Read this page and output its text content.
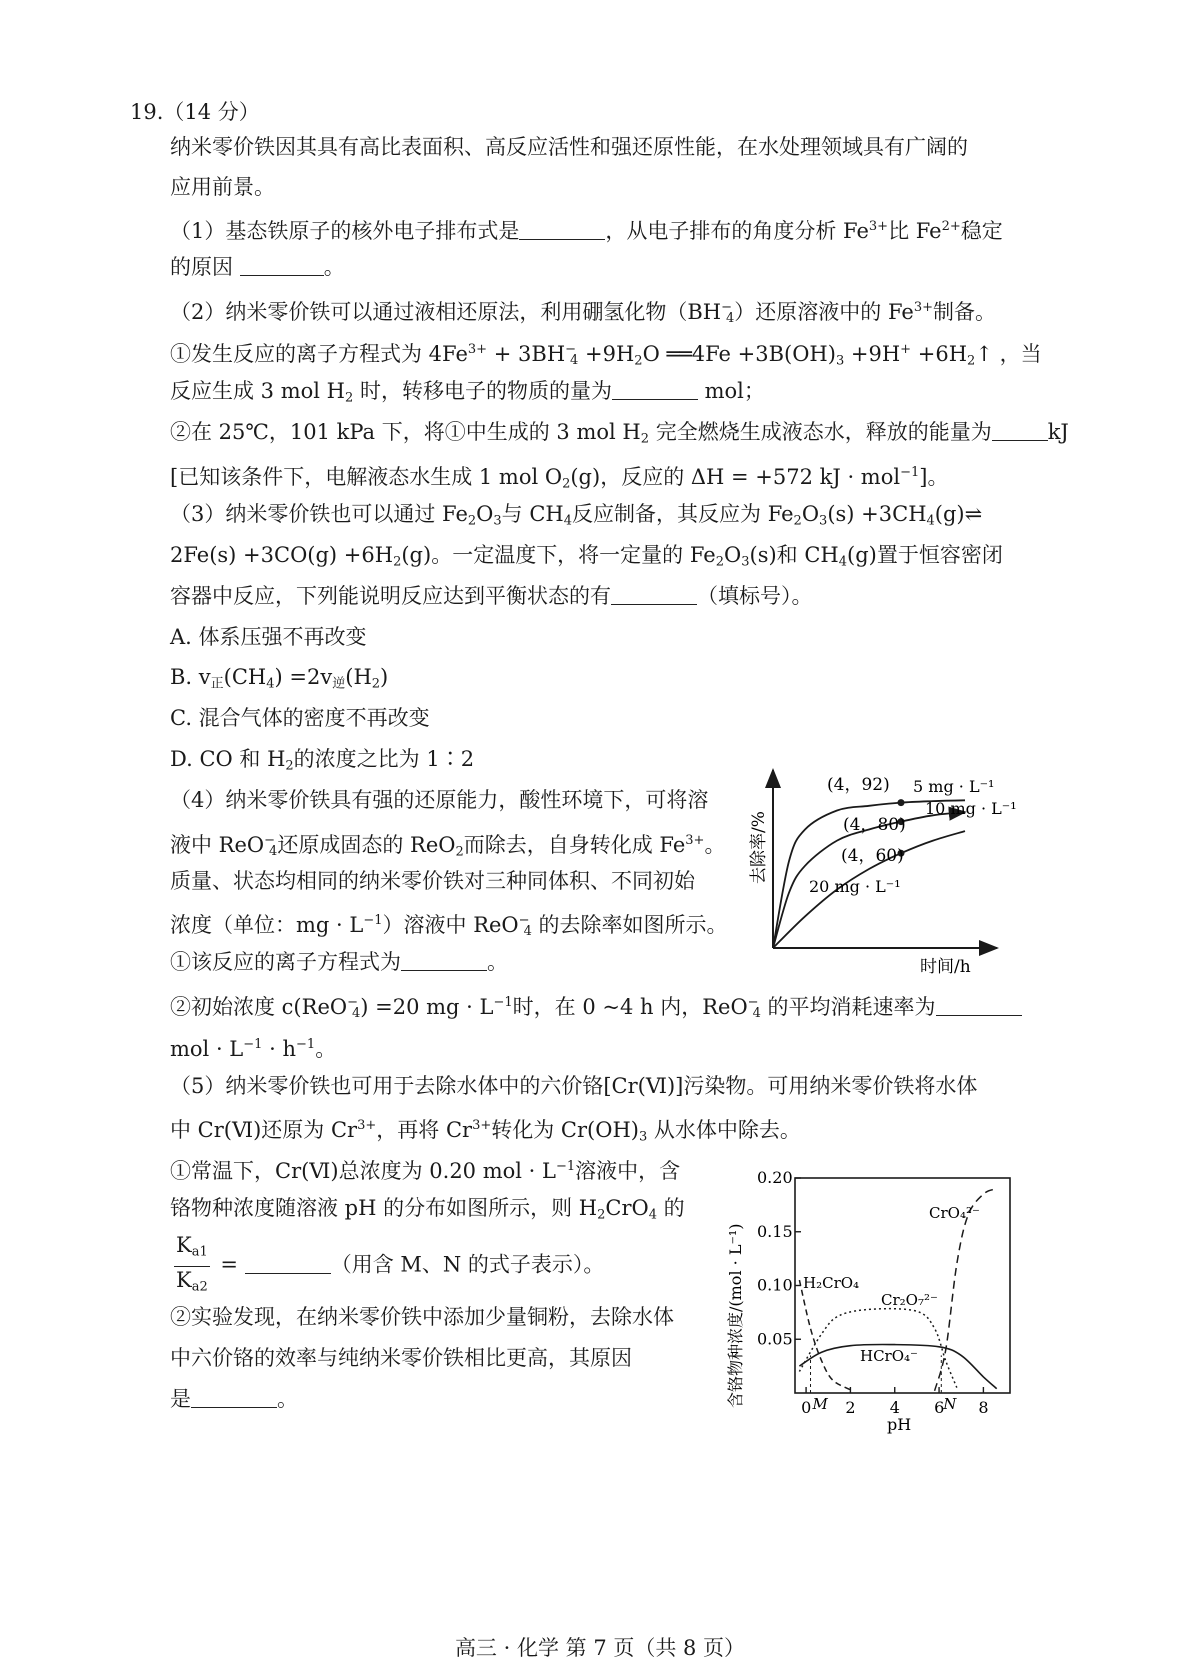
19.（14 分）
纳米零价铁因其具有高比表面积、高反应活性和强还原性能，在水处理领域具有广阔的
应用前景。
（1）基态铁原子的核外电子排布式是	，从电子排布的角度分析 $Fe^{3+}$比 $Fe^{2+}$稳定
的原因	。
（2）纳米零价铁可以通过液相还原法，利用硼氢化物$(BH^-_4)$还原溶液中的 $Fe^{3+}$制备。
①发生反应的离子方程式为 $4Fe^{3+} + 3BH^-_4 +9H_2O$ ══4Fe $+3B(OH)_3 +9H^+$ $+6H_2↑$ ，当
反应生成 3 mol $H_2$ 时，转移电子的物质的量为	mol；
②在 25℃，101 kPa 下，将①中生成的 3 mol $H_2$ 完全燃烧生成液态水，释放的能量为	kJ
[已知该条件下，电解液态水生成 1 mol $O_2(g)$，反应的 ΔH = +572 kJ · mol$^{-1}$]。
（3）纳米零价铁也可以通过 $Fe_2O_3$与 $CH_4$反应制备，其反应为 $Fe_2O_3(s)$ $+3CH_4(g)\rightleftharpoons$
$2Fe(s) +3CO(g) +6H_2(g)$。一定温度下，将一定量的 $Fe_2O_3(s)$和 $CH_4(g)$置于恒容密闭
容器中反应，下列能说明反应达到平衡状态的有	（填标号）。
A. 体系压强不再改变
B. $v_正(CH_4) =2v_逆(H_2)$
C. 混合气体的密度不再改变
D. CO 和 $H_2$的浓度之比为 1∶2
（4）纳米零价铁具有强的还原能力，酸性环境下，可将溶
液中 ReO−$_4$还原成固态的 ReO$_2$而除去，自身转化成 $Fe^{3+}$。
质量、状态均相同的纳米零价铁对三种同体积、不同初始
浓度（单位：mg · $L^{-1}$）溶液中 ReO−$_4$ 的去除率如图所示。
①该反应的离子方程式为	。
②初始浓度 c(ReO−$_4$) =20 mg · $L^{-1}$时，在 0 ~4 h 内，ReO−$_4$ 的平均消耗速率为
mol · $L^{-1} \cdot h^{-1}$。
（5）纳米零价铁也可用于去除水体中的六价铬[Cr(Ⅵ)]污染物。可用纳米零价铁将水体
中 Cr(Ⅵ)还原为 $Cr^{3+}$，再将 $Cr^{3+}$转化为 $Cr(OH)_3$ 从水体中除去。
①常温下，Cr(Ⅵ)总浓度为 0.20 mol · $L^{-1}$溶液中，含
铬物种浓度随溶液 pH 的分布如图所示，则 $H_2CrO_4$ 的
$\frac{K_{a1}}{K_{a2}}$ =	（用含 M、N 的式子表示）。
②实验发现，在纳米零价铁中添加少量铜粉，去除水体
中六价铬的效率与纯纳米零价铁相比更高，其原因
是	。
去除率/%
时间/h
(4，92) 5 mg · L⁻¹
10 mg · L⁻¹
(4，80)
(4，60)
20 mg · L⁻¹
含铬物种浓度/(mol · L⁻¹)
pH
0.20
0.15
0.10
0.05
0 2 4 6 8
M	N
H₂CrO₄
Cr₂O₇²⁻
HCrO₄⁻
CrO₄²⁻
高三 · 化学 第 7 页（共 8 页）
